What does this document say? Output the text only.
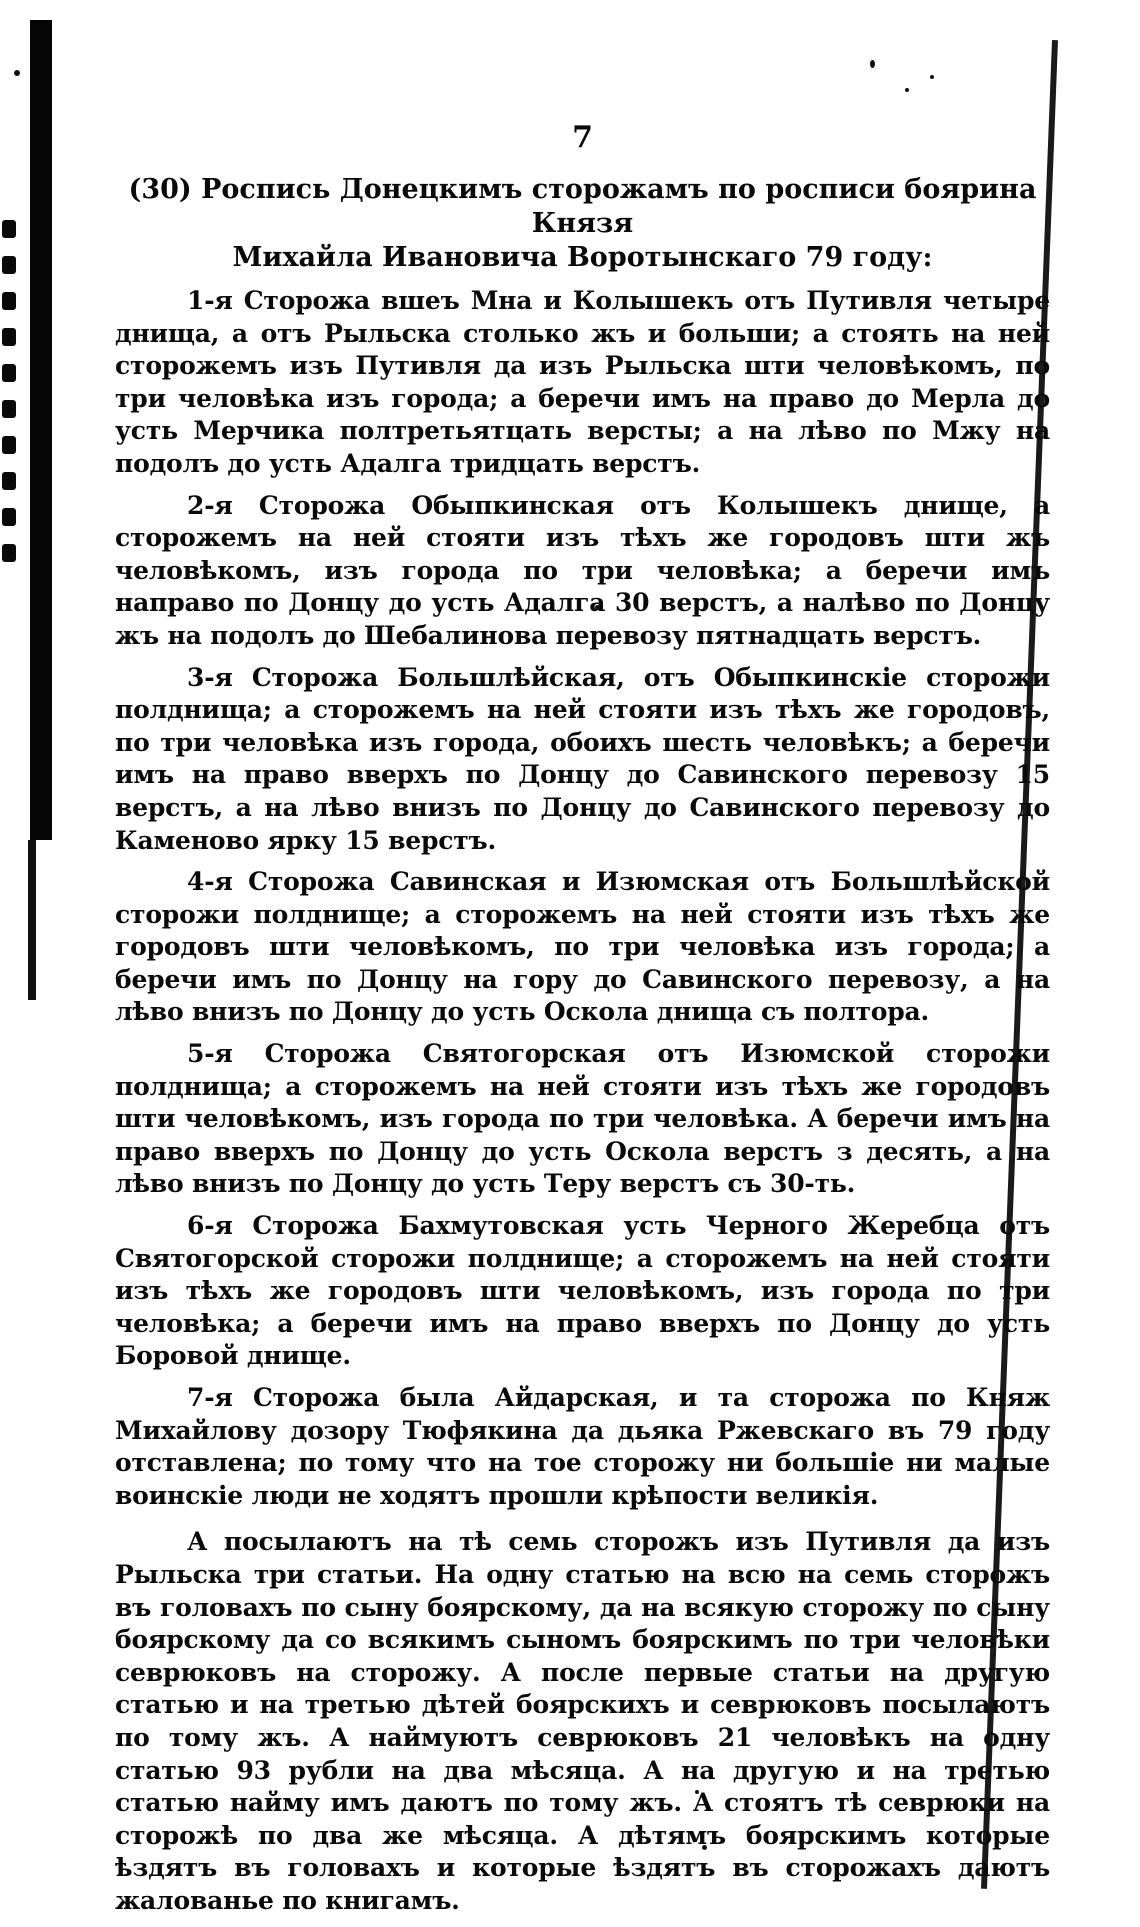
7
(30) Роспись Донецкимъ сторожамъ по росписи боярина Князя
Михайла Ивановича Воротынскаго 79 году:

1-я Сторожа вшеъ Мна и Колышекъ отъ Путивля четыре днища, а отъ Рыльска столько жъ и больши; а стоять на ней сторожемъ изъ Путивля да изъ Рыльска шти человѣкомъ, по три человѣка изъ города; а беречи имъ на право до Мерла до усть Мерчика полтретьятцать версты; а на лѣво по Мжу на подолъ до усть Адалга тридцать верстъ.

2-я Сторожа Обыпкинская отъ Колышекъ днище, а сторожемъ на ней стояти изъ тѣхъ же городовъ шти жъ человѣкомъ, изъ города по три человѣка; а беречи имъ направо по Донцу до усть Адалга 30 верстъ, а налѣво по Донцу жъ на подолъ до Шебалинова перевозу пятнадцать верстъ.

3-я Сторожа Большлѣйская, отъ Обыпкинскіе сторожи полднища; а сторожемъ на ней стояти изъ тѣхъ же городовъ, по три человѣка изъ города, обоихъ шесть человѣкъ; а беречи имъ на право вверхъ по Донцу до Савинского перевозу 15 верстъ, а на лѣво внизъ по Донцу до Савинского перевозу до Каменово ярку 15 верстъ.

4-я Сторожа Савинская и Изюмская отъ Большлѣйской сторожи полднище; а сторожемъ на ней стояти изъ тѣхъ же городовъ шти человѣкомъ, по три человѣка изъ города; а беречи имъ по Донцу на гору до Савинского перевозу, а на лѣво внизъ по Донцу до усть Оскола днища съ полтора.

5-я Сторожа Святогорская отъ Изюмской сторожи полднища; а сторожемъ на ней стояти изъ тѣхъ же городовъ шти человѣкомъ, изъ города по три человѣка. А беречи имъ на право вверхъ по Донцу до усть Оскола верстъ з десять, а на лѣво внизъ по Донцу до усть Теру верстъ съ 30-ть.

6-я Сторожа Бахмутовская усть Черного Жеребца отъ Святогорской сторожи полднище; а сторожемъ на ней стояти изъ тѣхъ же городовъ шти человѣкомъ, изъ города по три человѣка; а беречи имъ на право вверхъ по Донцу до усть Боровой днище.

7-я Сторожа была Айдарская, и та сторожа по Княж Михайлову дозору Тюфякина да дьяка Ржевскаго въ 79 году отставлена; по тому что на тое сторожу ни большіе ни малые воинскіе люди не ходятъ прошли крѣпости великія.

А посылаютъ на тѣ семь сторожъ изъ Путивля да изъ Рыльска три статьи. На одну статью на всю на семь сторожъ въ головахъ по сыну боярскому, да на всякую сторожу по сыну боярскому да со всякимъ сыномъ боярскимъ по три человѣки севрюковъ на сторожу. А после первые статьи на другую статью и на третью дѣтей боярскихъ и севрюковъ посылаютъ по тому жъ. А наймуютъ севрюковъ 21 человѣкъ на одну статью 93 рубли на два мѣсяца. А на другую и на третью статью найму имъ даютъ по тому жъ. А стоятъ тѣ севрюки на сторожѣ по два же мѣсяца. А дѣтямъ боярскимъ которые ѣздятъ въ головахъ и которые ѣздятъ въ сторожахъ даютъ жалованье по книгамъ.
